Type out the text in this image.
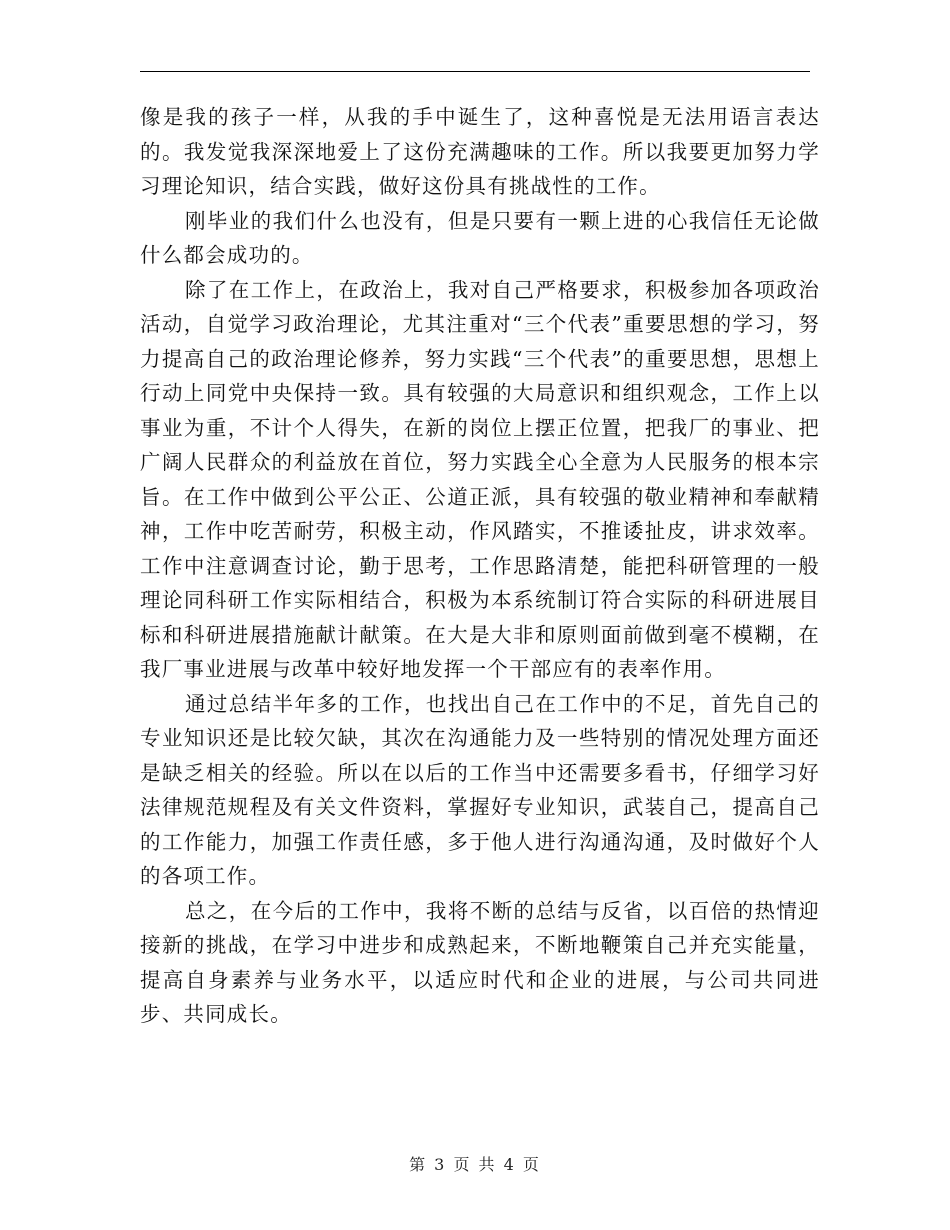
像是我的孩子一样，从我的手中诞生了，这种喜悦是无法用语言表达的。我发觉我深深地爱上了这份充满趣味的工作。所以我要更加努力学习理论知识，结合实践，做好这份具有挑战性的工作。

刚毕业的我们什么也没有，但是只要有一颗上进的心我信任无论做什么都会成功的。

除了在工作上，在政治上，我对自己严格要求，积极参加各项政治活动，自觉学习政治理论，尤其注重对“三个代表”重要思想的学习，努力提高自己的政治理论修养，努力实践“三个代表”的重要思想，思想上行动上同党中央保持一致。具有较强的大局意识和组织观念，工作上以事业为重，不计个人得失，在新的岗位上摆正位置，把我厂的事业、把广阔人民群众的利益放在首位，努力实践全心全意为人民服务的根本宗旨。在工作中做到公平公正、公道正派，具有较强的敬业精神和奉献精神，工作中吃苦耐劳，积极主动，作风踏实，不推诿扯皮，讲求效率。工作中注意调查讨论，勤于思考，工作思路清楚，能把科研管理的一般理论同科研工作实际相结合，积极为本系统制订符合实际的科研进展目标和科研进展措施献计献策。在大是大非和原则面前做到毫不模糊，在我厂事业进展与改革中较好地发挥一个干部应有的表率作用。

通过总结半年多的工作，也找出自己在工作中的不足，首先自己的专业知识还是比较欠缺，其次在沟通能力及一些特别的情况处理方面还是缺乏相关的经验。所以在以后的工作当中还需要多看书，仔细学习好法律规范规程及有关文件资料，掌握好专业知识，武装自己，提高自己的工作能力，加强工作责任感，多于他人进行沟通沟通，及时做好个人的各项工作。

总之，在今后的工作中，我将不断的总结与反省，以百倍的热情迎接新的挑战，在学习中进步和成熟起来，不断地鞭策自己并充实能量，提高自身素养与业务水平，以适应时代和企业的进展，与公司共同进步、共同成长。

第 3 页 共 4 页
